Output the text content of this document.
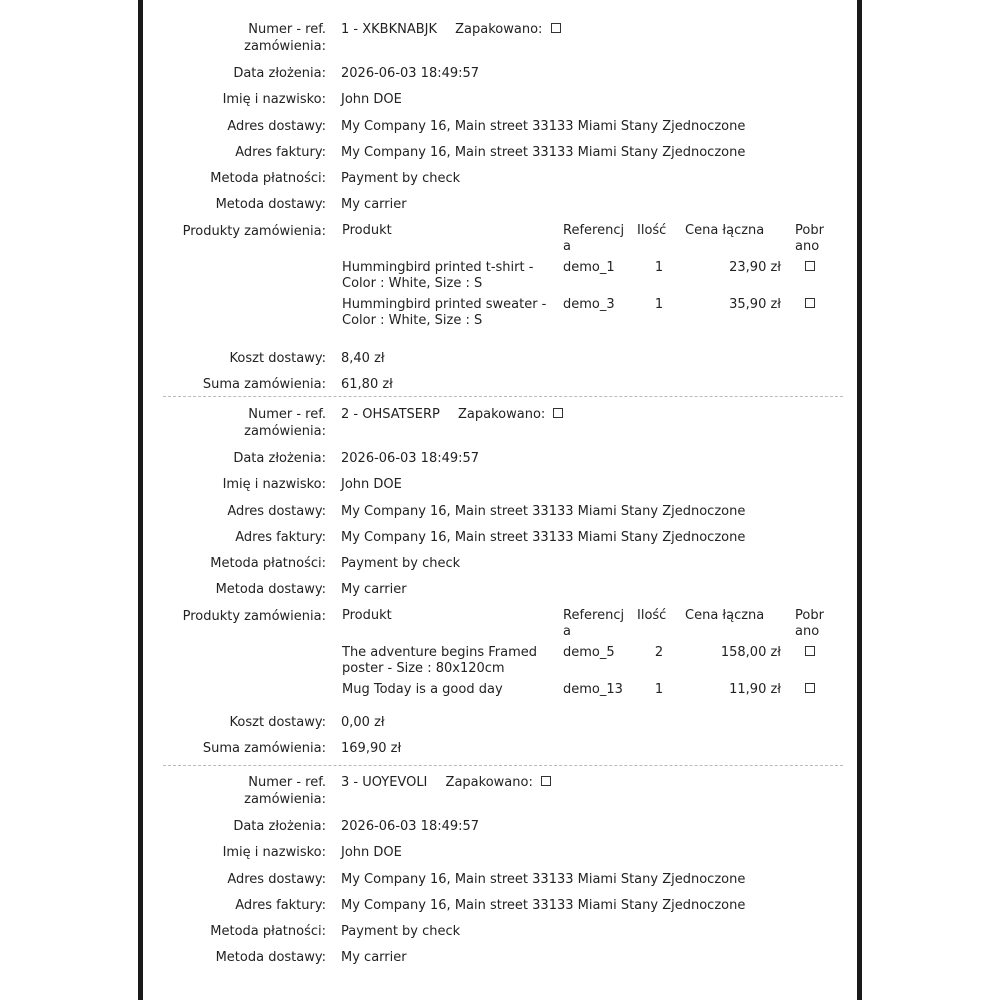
Numer - ref. zamówienia:
1 - XKBKNABJK Zapakowano:
Data złożenia: 2026-06-03 18:49:57
Imię i nazwisko: John DOE
Adres dostawy: My Company 16, Main street 33133 Miami Stany Zjednoczone
Adres faktury: My Company 16, Main street 33133 Miami Stany Zjednoczone
Metoda płatności: Payment by check
Metoda dostawy: My carrier
Produkty zamówienia: Produkt	Referencja	Ilość	Cena łączna	Pobrano

Hummingbird printed t-shirt - Color : White, Size : S	demo_1	1	23,90 zł	
Hummingbird printed sweater - Color : White, Size : S	demo_3	1	35,90 zł	
Koszt dostawy: 8,40 zł
Suma zamówienia: 61,80 zł
Numer - ref. zamówienia:
2 - OHSATSERP Zapakowano:
Data złożenia: 2026-06-03 18:49:57
Imię i nazwisko: John DOE
Adres dostawy: My Company 16, Main street 33133 Miami Stany Zjednoczone
Adres faktury: My Company 16, Main street 33133 Miami Stany Zjednoczone
Metoda płatności: Payment by check
Metoda dostawy: My carrier
Produkty zamówienia: Produkt	Referencja	Ilość	Cena łączna	Pobrano

The adventure begins Framed poster - Size : 80x120cm	demo_5	2	158,00 zł	
Mug Today is a good day	demo_13	1	11,90 zł	
Koszt dostawy: 0,00 zł
Suma zamówienia: 169,90 zł
Numer - ref. zamówienia:
3 - UOYEVOLI Zapakowano:
Data złożenia: 2026-06-03 18:49:57
Imię i nazwisko: John DOE
Adres dostawy: My Company 16, Main street 33133 Miami Stany Zjednoczone
Adres faktury: My Company 16, Main street 33133 Miami Stany Zjednoczone
Metoda płatności: Payment by check
Metoda dostawy: My carrier
